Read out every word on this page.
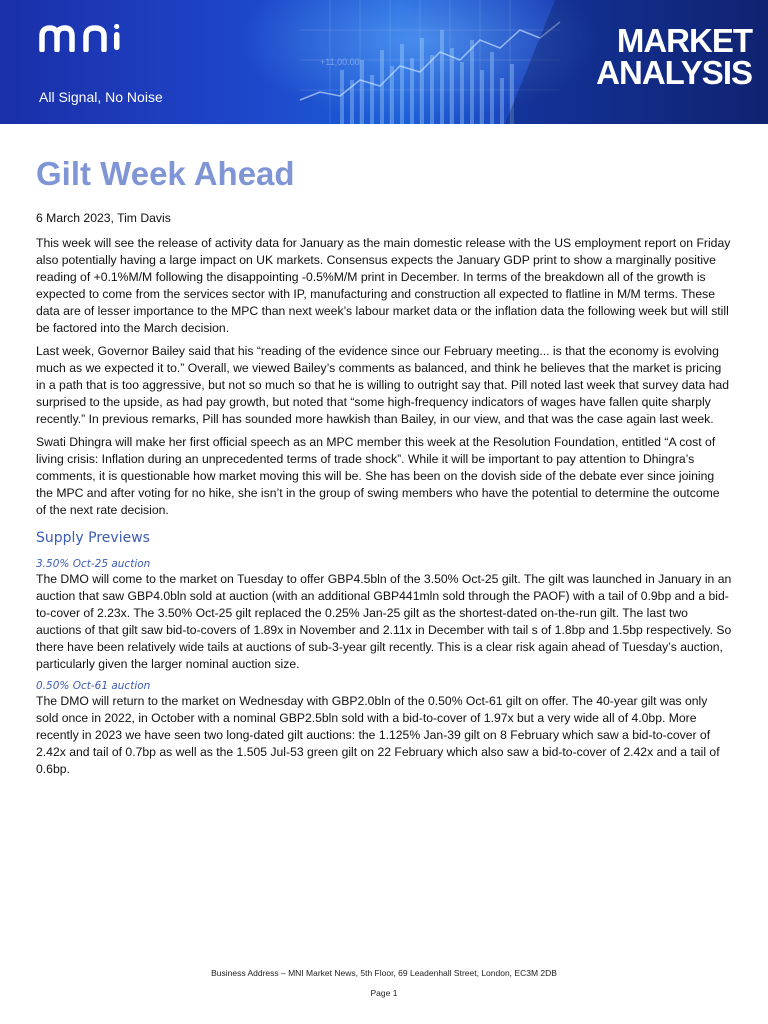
All Signal, No Noise
+11,00.00
MARKET
ANALYSIS
Gilt Week Ahead
6 March 2023, Tim Davis

This week will see the release of activity data for January as the main domestic release with the US employment report on Friday also potentially having a large impact on UK markets. Consensus expects the January GDP print to show a marginally positive reading of +0.1%M/M following the disappointing -0.5%M/M print in December. In terms of the breakdown all of the growth is expected to come from the services sector with IP, manufacturing and construction all expected to flatline in M/M terms. These data are of lesser importance to the MPC than next week’s labour market data or the inflation data the following week but will still be factored into the March decision.

Last week, Governor Bailey said that his “reading of the evidence since our February meeting... is that the economy is evolving much as we expected it to.” Overall, we viewed Bailey’s comments as balanced, and think he believes that the market is pricing in a path that is too aggressive, but not so much so that he is willing to outright say that. Pill noted last week that survey data had surprised to the upside, as had pay growth, but noted that “some high-frequency indicators of wages have fallen quite sharply recently.” In previous remarks, Pill has sounded more hawkish than Bailey, in our view, and that was the case again last week.

Swati Dhingra will make her first official speech as an MPC member this week at the Resolution Foundation, entitled “A cost of living crisis: Inflation during an unprecedented terms of trade shock”. While it will be important to pay attention to Dhingra’s comments, it is questionable how market moving this will be. She has been on the dovish side of the debate ever since joining the MPC and after voting for no hike, she isn’t in the group of swing members who have the potential to determine the outcome of the next rate decision.

Supply Previews
3.50% Oct-25 auction

The DMO will come to the market on Tuesday to offer GBP4.5bln of the 3.50% Oct-25 gilt. The gilt was launched in January in an auction that saw GBP4.0bln sold at auction (with an additional GBP441mln sold through the PAOF) with a tail of 0.9bp and a bid-to-cover of 2.23x. The 3.50% Oct-25 gilt replaced the 0.25% Jan-25 gilt as the shortest-dated on-the-run gilt. The last two auctions of that gilt saw bid-to-covers of 1.89x in November and 2.11x in December with tail s of 1.8bp and 1.5bp respectively. So there have been relatively wide tails at auctions of sub-3-year gilt recently. This is a clear risk again ahead of Tuesday’s auction, particularly given the larger nominal auction size.

0.50% Oct-61 auction

The DMO will return to the market on Wednesday with GBP2.0bln of the 0.50% Oct-61 gilt on offer. The 40-year gilt was only sold once in 2022, in October with a nominal GBP2.5bln sold with a bid-to-cover of 1.97x but a very wide all of 4.0bp. More recently in 2023 we have seen two long-dated gilt auctions: the 1.125% Jan-39 gilt on 8 February which saw a bid-to-cover of 2.42x and tail of 0.7bp as well as the 1.505 Jul-53 green gilt on 22 February which also saw a bid-to-cover of 2.42x and a tail of 0.6bp.

Business Address – MNI Market News, 5th Floor, 69 Leadenhall Street, London, EC3M 2DB
Page 1
